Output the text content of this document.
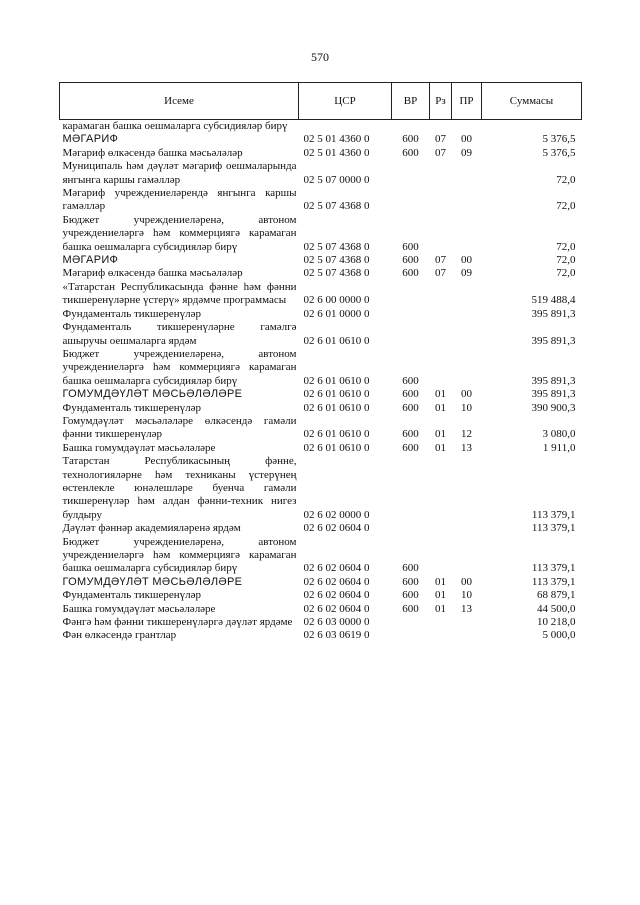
570
Исеме	ЦСР	ВР	Рз	ПР	Суммасы
карамаган башка оешмаларга субсидияләр бирү					
МӘГАРИФ	02 5 01 4360 0	600	07	00	5 376,5
Мәгариф өлкәсендә башка мәсьәләләр	02 5 01 4360 0	600	07	09	5 376,5
Муниципаль һәм дәүләт мәгариф оешмаларында янгынга каршы гамәлләр	02 5 07 0000 0				72,0
Мәгариф учреждениеләрендә янгынга каршы гамәлләр	02 5 07 4368 0				72,0
Бюджет учреждениеләренә, автоном учреждениеләргә һәм коммерциягә карамаган башка оешмаларга субсидияләр бирү	02 5 07 4368 0	600			72,0
МӘГАРИФ	02 5 07 4368 0	600	07	00	72,0
Мәгариф өлкәсендә башка мәсьәләләр	02 5 07 4368 0	600	07	09	72,0
«Татарстан Республикасында фәнне һәм фәнни тикшеренүләрне үстерү» ярдәмче программасы	02 6 00 0000 0				519 488,4
Фундаменталь тикшеренүләр	02 6 01 0000 0				395 891,3
Фундаменталь тикшеренүләрне гамәлгә ашыручы оешмаларга ярдәм	02 6 01 0610 0				395 891,3
Бюджет учреждениеләренә, автоном учреждениеләргә һәм коммерциягә карамаган башка оешмаларга субсидияләр бирү	02 6 01 0610 0	600			395 891,3
ГОМУМДӘҮЛӘТ МӘСЬӘЛӘЛӘРЕ	02 6 01 0610 0	600	01	00	395 891,3
Фундаменталь тикшеренүләр	02 6 01 0610 0	600	01	10	390 900,3
Гомумдәүләт мәсьәләләре өлкәсендә гамәли фәнни тикшеренүләр	02 6 01 0610 0	600	01	12	3 080,0
Башка гомумдәүләт мәсьәләләре	02 6 01 0610 0	600	01	13	1 911,0
Татарстан Республикасының фәнне, технологияләрне һәм техниканы үстерүнең өстенлекле юнәлешләре буенча гамәли тикшеренүләр һәм алдан фәнни-техник нигез булдыру	02 6 02 0000 0				113 379,1
Дәүләт фәннәр академияләренә ярдәм	02 6 02 0604 0				113 379,1
Бюджет учреждениеләренә, автоном учреждениеләргә һәм коммерциягә карамаган башка оешмаларга субсидияләр бирү	02 6 02 0604 0	600			113 379,1
ГОМУМДӘҮЛӘТ МӘСЬӘЛӘЛӘРЕ	02 6 02 0604 0	600	01	00	113 379,1
Фундаменталь тикшеренүләр	02 6 02 0604 0	600	01	10	68 879,1
Башка гомумдәүләт мәсьәләләре	02 6 02 0604 0	600	01	13	44 500,0
Фәнгә һәм фәнни тикшеренүләргә дәүләт ярдәме	02 6 03 0000 0				10 218,0
Фән өлкәсендә грантлар	02 6 03 0619 0				5 000,0
